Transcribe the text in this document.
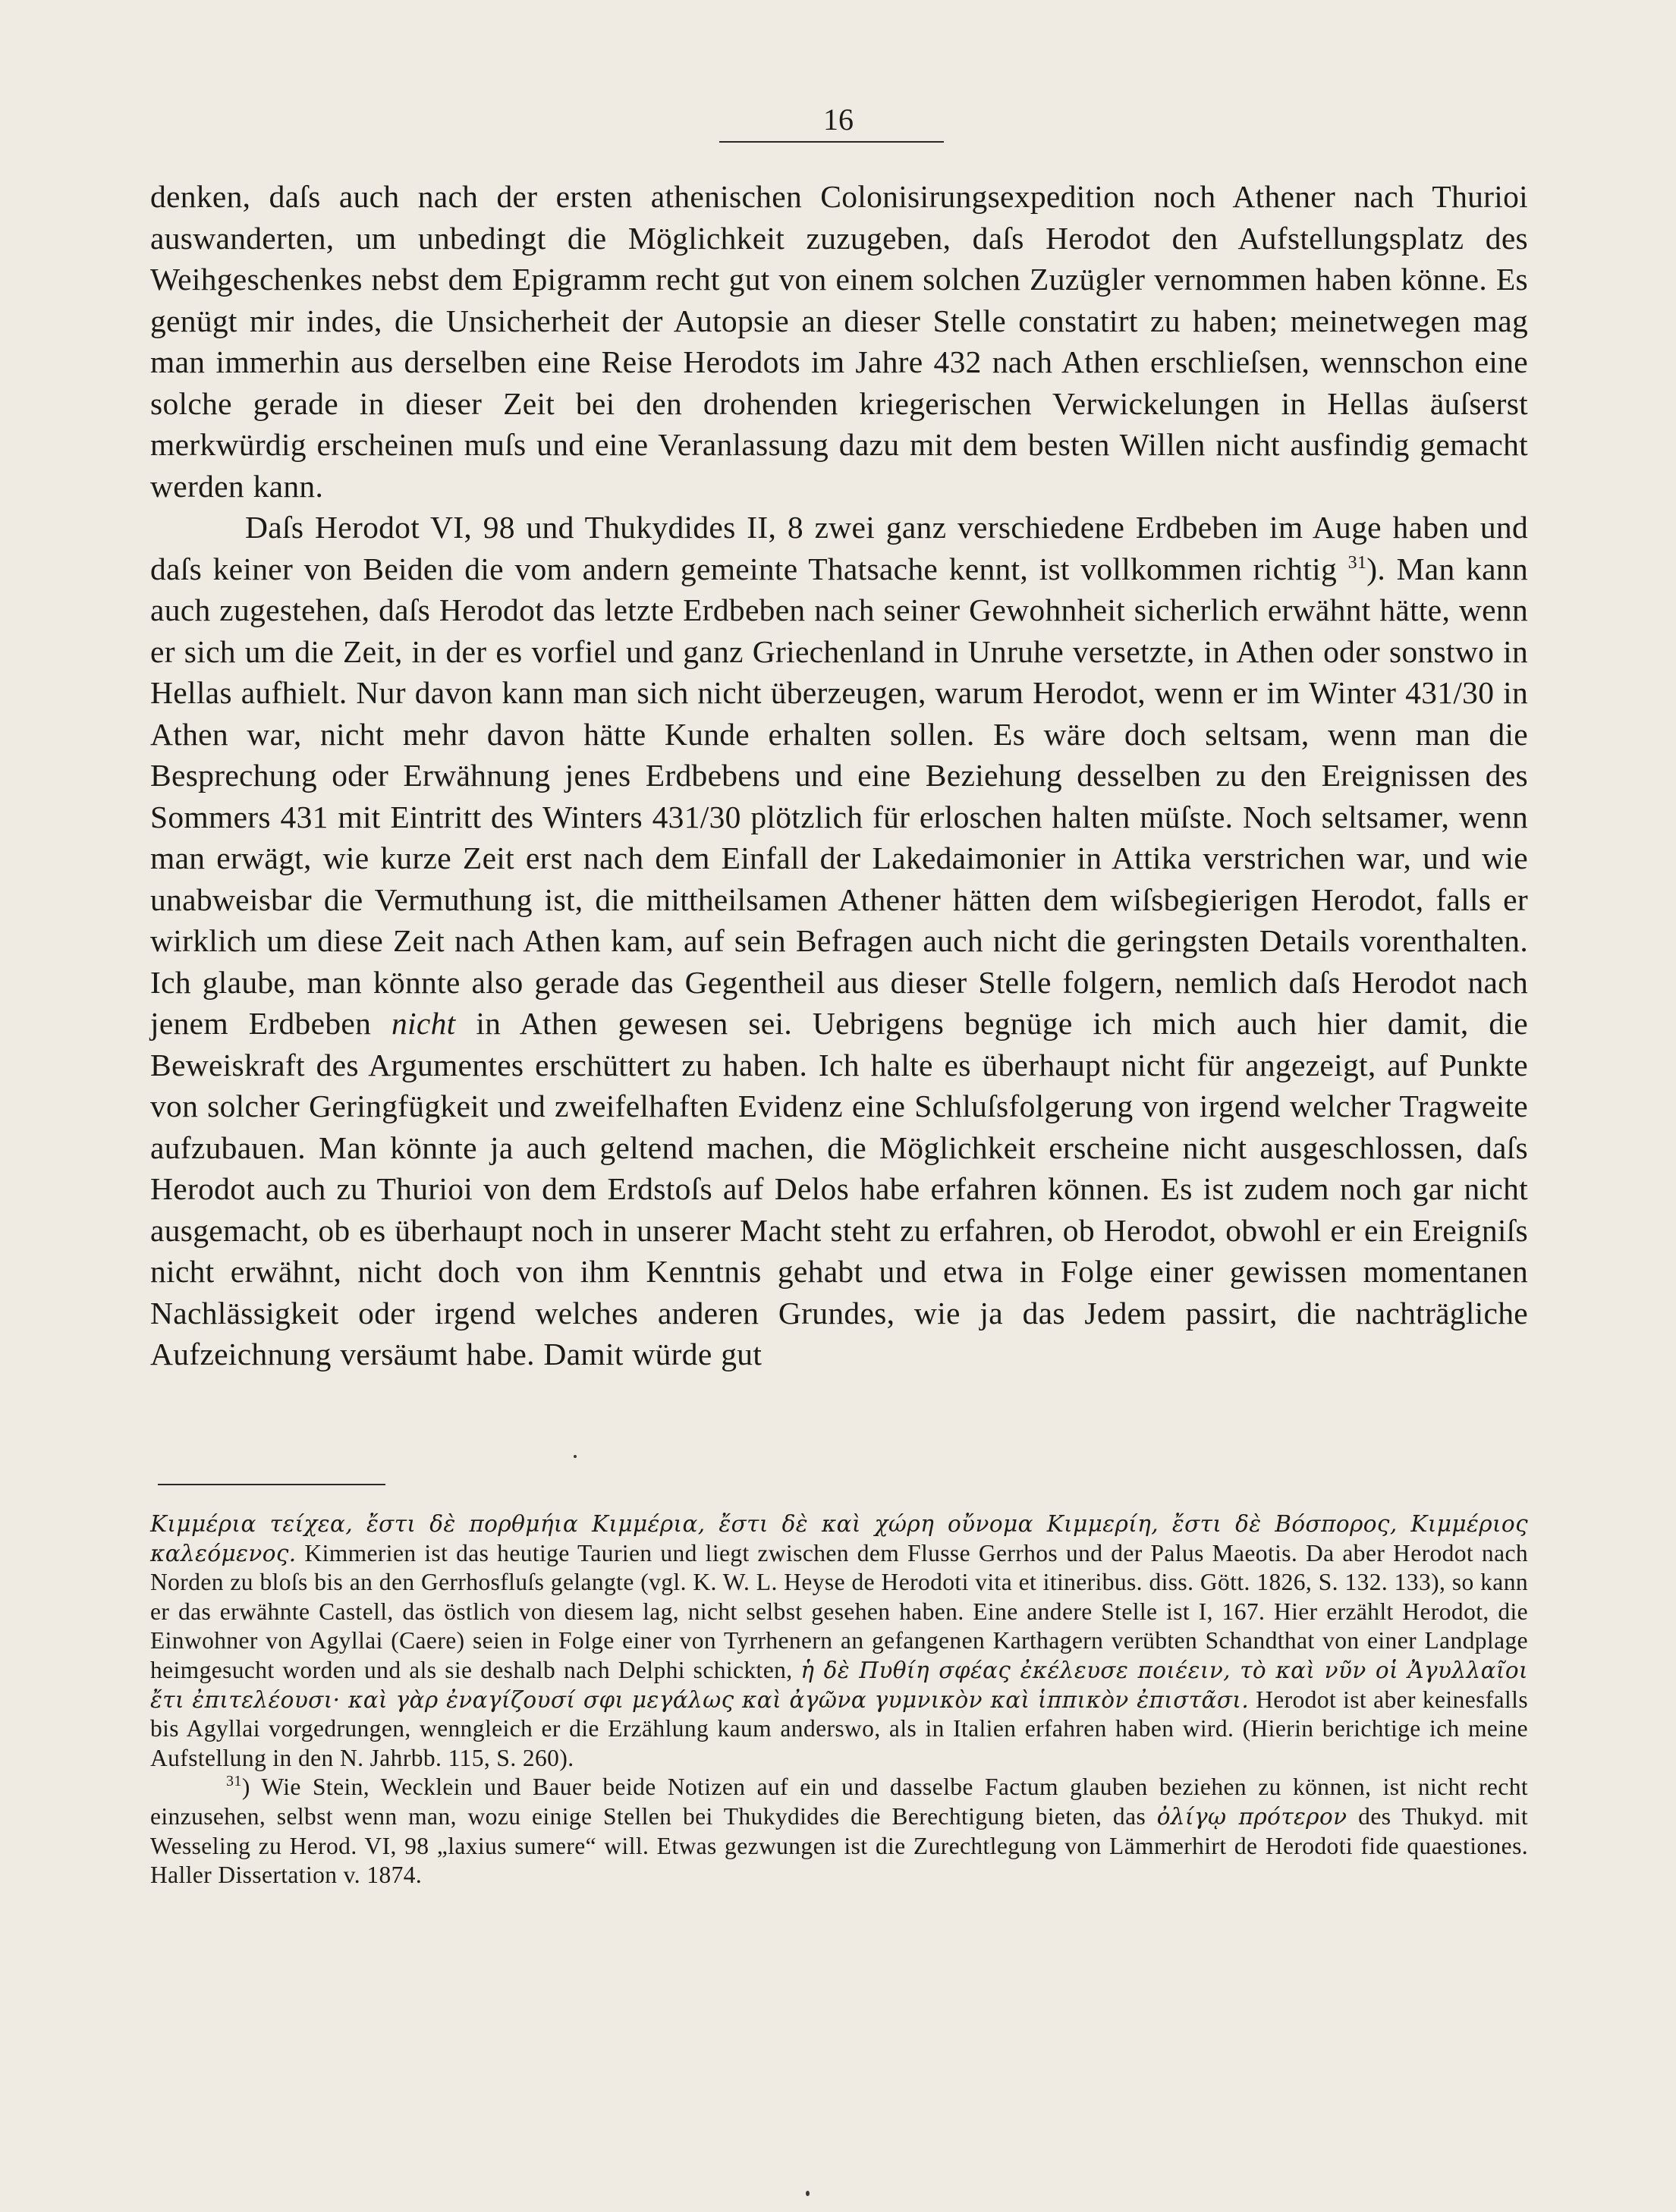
16

denken, daſs auch nach der ersten athenischen Colonisirungsexpedition noch Athener nach Thurioi auswanderten, um unbedingt die Möglichkeit zuzugeben, daſs Herodot den Aufstellungsplatz des Weihgeschenkes nebst dem Epigramm recht gut von einem solchen Zuzügler vernommen haben könne. Es genügt mir indes, die Unsicherheit der Autopsie an dieser Stelle constatirt zu haben; meinetwegen mag man immerhin aus derselben eine Reise Herodots im Jahre 432 nach Athen erschlieſsen, wennschon eine solche gerade in dieser Zeit bei den drohenden kriegerischen Verwickelungen in Hellas äuſserst merkwürdig erscheinen muſs und eine Veranlassung dazu mit dem besten Willen nicht ausfindig gemacht werden kann.

Daſs Herodot VI, 98 und Thukydides II, 8 zwei ganz verschiedene Erdbeben im Auge haben und daſs keiner von Beiden die vom andern gemeinte Thatsache kennt, ist vollkommen richtig $^{31}$). Man kann auch zugestehen, daſs Herodot das letzte Erdbeben nach seiner Gewohnheit sicherlich erwähnt hätte, wenn er sich um die Zeit, in der es vorfiel und ganz Griechenland in Unruhe versetzte, in Athen oder sonstwo in Hellas aufhielt. Nur davon kann man sich nicht überzeugen, warum Herodot, wenn er im Winter 431/30 in Athen war, nicht mehr davon hätte Kunde erhalten sollen. Es wäre doch seltsam, wenn man die Besprechung oder Erwähnung jenes Erdbebens und eine Beziehung desselben zu den Ereignissen des Sommers 431 mit Eintritt des Winters 431/30 plötzlich für erloschen halten müſste. Noch seltsamer, wenn man erwägt, wie kurze Zeit erst nach dem Einfall der Lakedaimonier in Attika verstrichen war, und wie unabweisbar die Vermuthung ist, die mittheilsamen Athener hätten dem wiſsbegierigen Herodot, falls er wirklich um diese Zeit nach Athen kam, auf sein Befragen auch nicht die geringsten Details vorenthalten. Ich glaube, man könnte also gerade das Gegentheil aus dieser Stelle folgern, nemlich daſs Herodot nach jenem Erdbeben nicht in Athen gewesen sei. Uebrigens begnüge ich mich auch hier damit, die Beweiskraft des Argumentes erschüttert zu haben. Ich halte es überhaupt nicht für angezeigt, auf Punkte von solcher Geringfügkeit und zweifelhaften Evidenz eine Schluſsfolgerung von irgend welcher Tragweite aufzubauen. Man könnte ja auch geltend machen, die Möglichkeit erscheine nicht ausgeschlossen, daſs Herodot auch zu Thurioi von dem Erdstoſs auf Delos habe erfahren können. Es ist zudem noch gar nicht ausgemacht, ob es überhaupt noch in unserer Macht steht zu erfahren, ob Herodot, obwohl er ein Ereigniſs nicht erwähnt, nicht doch von ihm Kenntnis gehabt und etwa in Folge einer gewissen momentanen Nachlässigkeit oder irgend welches anderen Grundes, wie ja das Jedem passirt, die nachträgliche Aufzeichnung versäumt habe. Damit würde gut

Κιμμέρια τείχεα, ἔστι δὲ πορθμήια Κιμμέρια, ἔστι δὲ καὶ χώρη οὔνομα Κιμμερίη, ἔστι δὲ Βόσπορος, Κιμμέριος καλεόμενος. Kimmerien ist das heutige Taurien und liegt zwischen dem Flusse Gerrhos und der Palus Maeotis. Da aber Herodot nach Norden zu bloſs bis an den Gerrhosfluſs gelangte (vgl. K. W. L. Heyse de Herodoti vita et itineribus. diss. Gött. 1826, S. 132. 133), so kann er das erwähnte Castell, das östlich von diesem lag, nicht selbst gesehen haben. Eine andere Stelle ist I, 167. Hier erzählt Herodot, die Einwohner von Agyllai (Caere) seien in Folge einer von Tyrrhenern an gefangenen Karthagern verübten Schandthat von einer Landplage heimgesucht worden und als sie deshalb nach Delphi schickten, ἡ δὲ Πυθίη σφέας ἐκέλευσε ποιέειν, τὸ καὶ νῦν οἱ Ἀγυλλαῖοι ἔτι ἐπιτελέουσι· καὶ γὰρ ἐναγίζουσί σφι μεγάλως καὶ ἀγῶνα γυμνικὸν καὶ ἱππικὸν ἐπιστᾶσι. Herodot ist aber keinesfalls bis Agyllai vorgedrungen, wenngleich er die Erzählung kaum anderswo, als in Italien erfahren haben wird. (Hierin berichtige ich meine Aufstellung in den N. Jahrbb. 115, S. 260).

$^{31}$) Wie Stein, Wecklein und Bauer beide Notizen auf ein und dasselbe Factum glauben beziehen zu können, ist nicht recht einzusehen, selbst wenn man, wozu einige Stellen bei Thukydides die Berechtigung bieten, das ὀλίγῳ πρότερον des Thukyd. mit Wesseling zu Herod. VI, 98 „laxius sumere“ will. Etwas gezwungen ist die Zurechtlegung von Lämmerhirt de Herodoti fide quaestiones. Haller Dissertation v. 1874.
